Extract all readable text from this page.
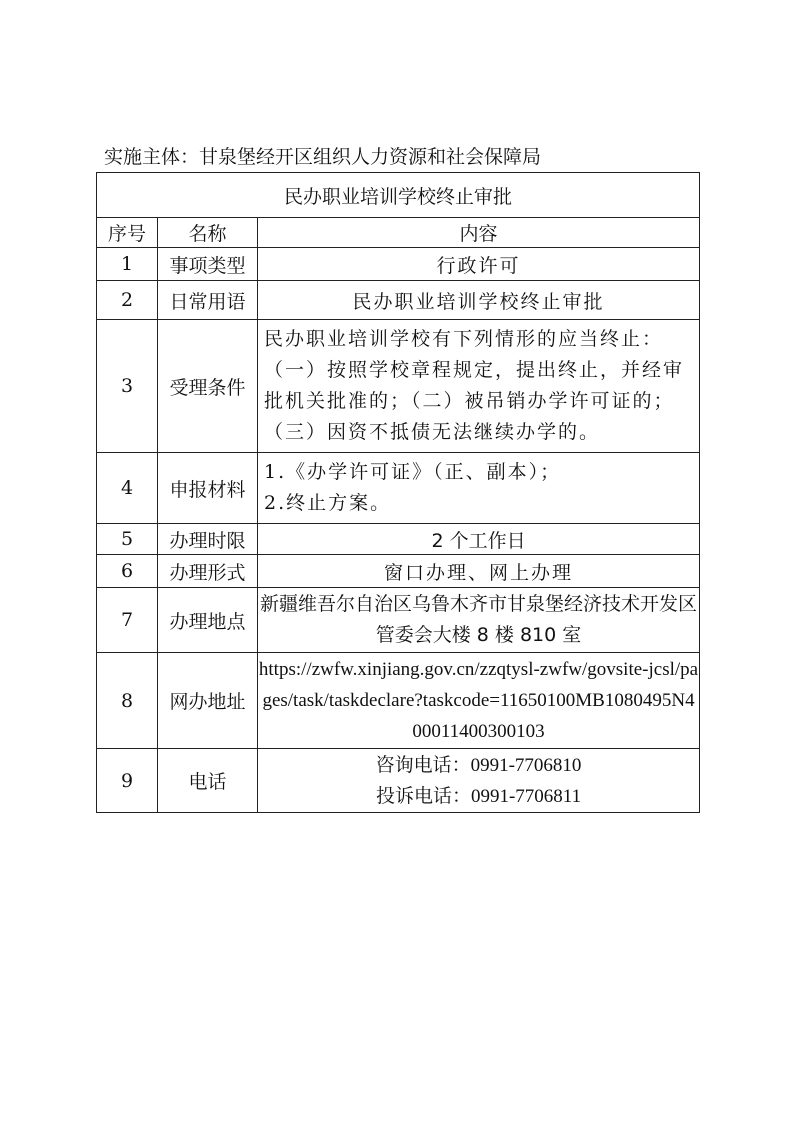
实施主体：甘泉堡经开区组织人力资源和社会保障局
民办职业培训学校终止审批		
序号	名称	内容
1	事项类型	行政许可
2	日常用语	民办职业培训学校终止审批
3	受理条件	民办职业培训学校有下列情形的应当终止：（一）按照学校章程规定，提出终止，并经审批机关批准的；（二）被吊销办学许可证的；（三）因资不抵债无法继续办学的。
4	申报材料	1.《办学许可证》（正、副本）；
2.终止方案。

5	办理时限	2 个工作日
6	办理形式	窗口办理、网上办理
7	办理地点	新疆维吾尔自治区乌鲁木齐市甘泉堡经济技术开发区管委会大楼 8 楼 810 室
8	网办地址	https://zwfw.xinjiang.gov.cn/zzqtysl-zwfw/govsite-jcsl/pages/task/taskdeclare?taskcode=11650100MB1080495N400011400300103
9	电话	咨询电话：0991-7706810
投诉电话：0991-7706811
